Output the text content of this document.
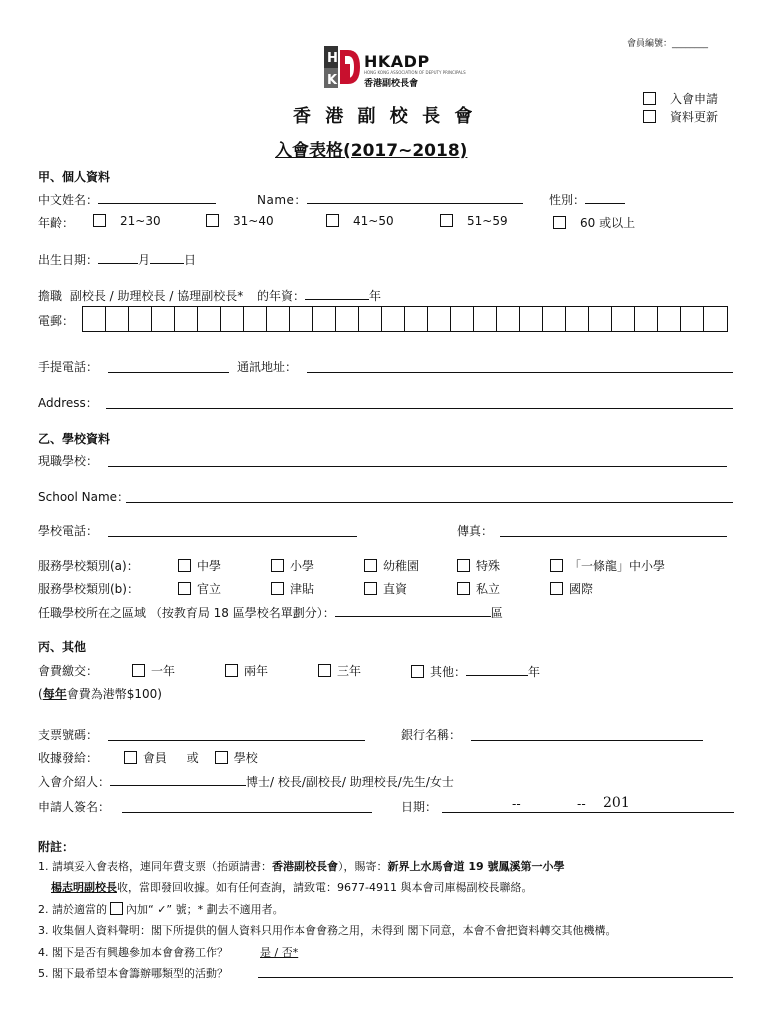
會員編號：________
H
K
HKADP
HONG KONG ASSOCIATION OF DEPUTY PRINCIPALS
香港副校長會
入會申請
資料更新
香 港 副 校 長 會
入會表格(2017~2018)
甲、個人資料
中文姓名：	Name：	性別：
年齡：	21~30	31~40	41~50	51~59	60 或以上
出生日期：	月	日
擔職 副校長 / 助理校長 / 協理副校長* 的年資：	年
電郵：
手提電話：	通訊地址：
Address：
乙、學校資料
現職學校：
School Name：
學校電話：	傳真：
服務學校類別(a)：	中學	小學	幼稚園	特殊	「一條龍」中小學
服務學校類別(b)：	官立	津貼	直資	私立	國際
任職學校所在之區域 （按教育局 18 區學校名單劃分）：	區
丙、其他
會費繳交：	一年	兩年	三年	其他：	年
(每年會費為港幣$100)
支票號碼：	銀行名稱：
收據發給：	會員 或	學校
入會介紹人：	博士/ 校長/副校長/ 助理校長/先生/女士
申請人簽名：	日期：	--	-- 201
附註：
1. 請填妥入會表格，連同年費支票（抬頭請書：香港副校長會），賜寄：新界上水馬會道 19 號鳳溪第一小學
楊志明副校長收，當即發回收據。如有任何查詢，請致電：9677-4911 與本會司庫楊副校長聯絡。
2. 請於適當的 內加“ ✓” 號；* 劃去不適用者。
3. 收集個人資料聲明：閣下所提供的個人資料只用作本會會務之用，未得到 閣下同意，本會不會把資料轉交其他機構。
4. 閣下是否有興趣參加本會會務工作？	是 / 否*
5. 閣下最希望本會籌辦哪類型的活動？
